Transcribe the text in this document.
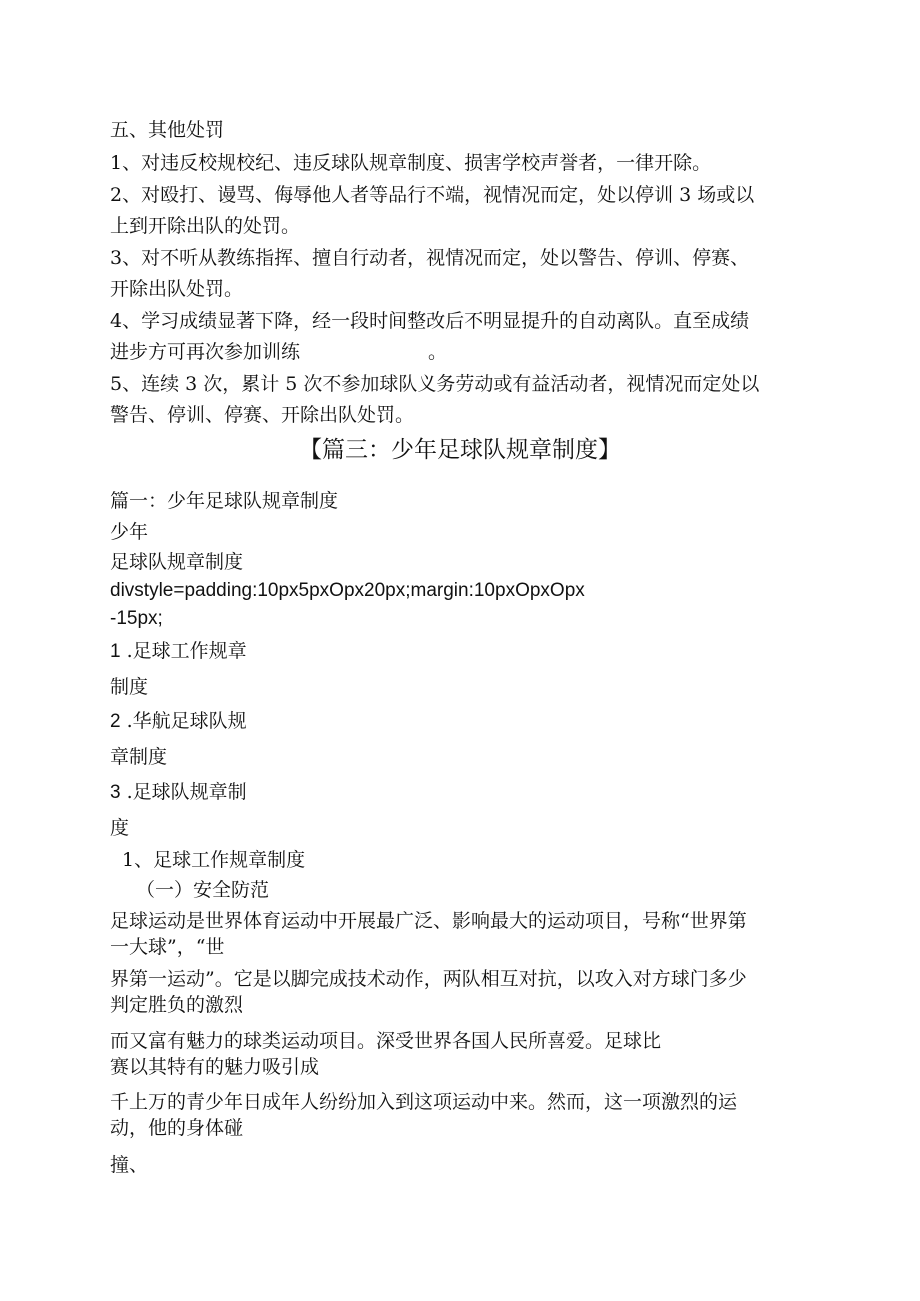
五、其他处罚
1、对违反校规校纪、违反球队规章制度、损害学校声誉者，一律开除。
2、对殴打、谩骂、侮辱他人者等品行不端，视情况而定，处以停训 3 场或以
上到开除出队的处罚。
3、对不听从教练指挥、擅自行动者，视情况而定，处以警告、停训、停赛、
开除出队处罚。
4、学习成绩显著下降，经一段时间整改后不明显提升的自动离队。直至成绩
进步方可再次参加训练	。
5、连续 3 次，累计 5 次不参加球队义务劳动或有益活动者，视情况而定处以
警告、停训、停赛、开除出队处罚。
【篇三：少年足球队规章制度】
篇一：少年足球队规章制度
少年
足球队规章制度
divstyle=padding:10px5pxOpx20px;margin:10pxOpxOpx
-15px;
1 .足球工作规章
制度
2 .华航足球队规
章制度
3 .足球队规章制
度
1、足球工作规章制度
（一）安全防范
足球运动是世界体育运动中开展最广泛、影响最大的运动项目，号称“世界第
一大球”，“世
界第一运动”。它是以脚完成技术动作，两队相互对抗，以攻入对方球门多少
判定胜负的激烈
而又富有魅力的球类运动项目。深受世界各国人民所喜爱。足球比
赛以其特有的魅力吸引成
千上万的青少年日成年人纷纷加入到这项运动中来。然而，这一项激烈的运
动，他的身体碰
撞、
